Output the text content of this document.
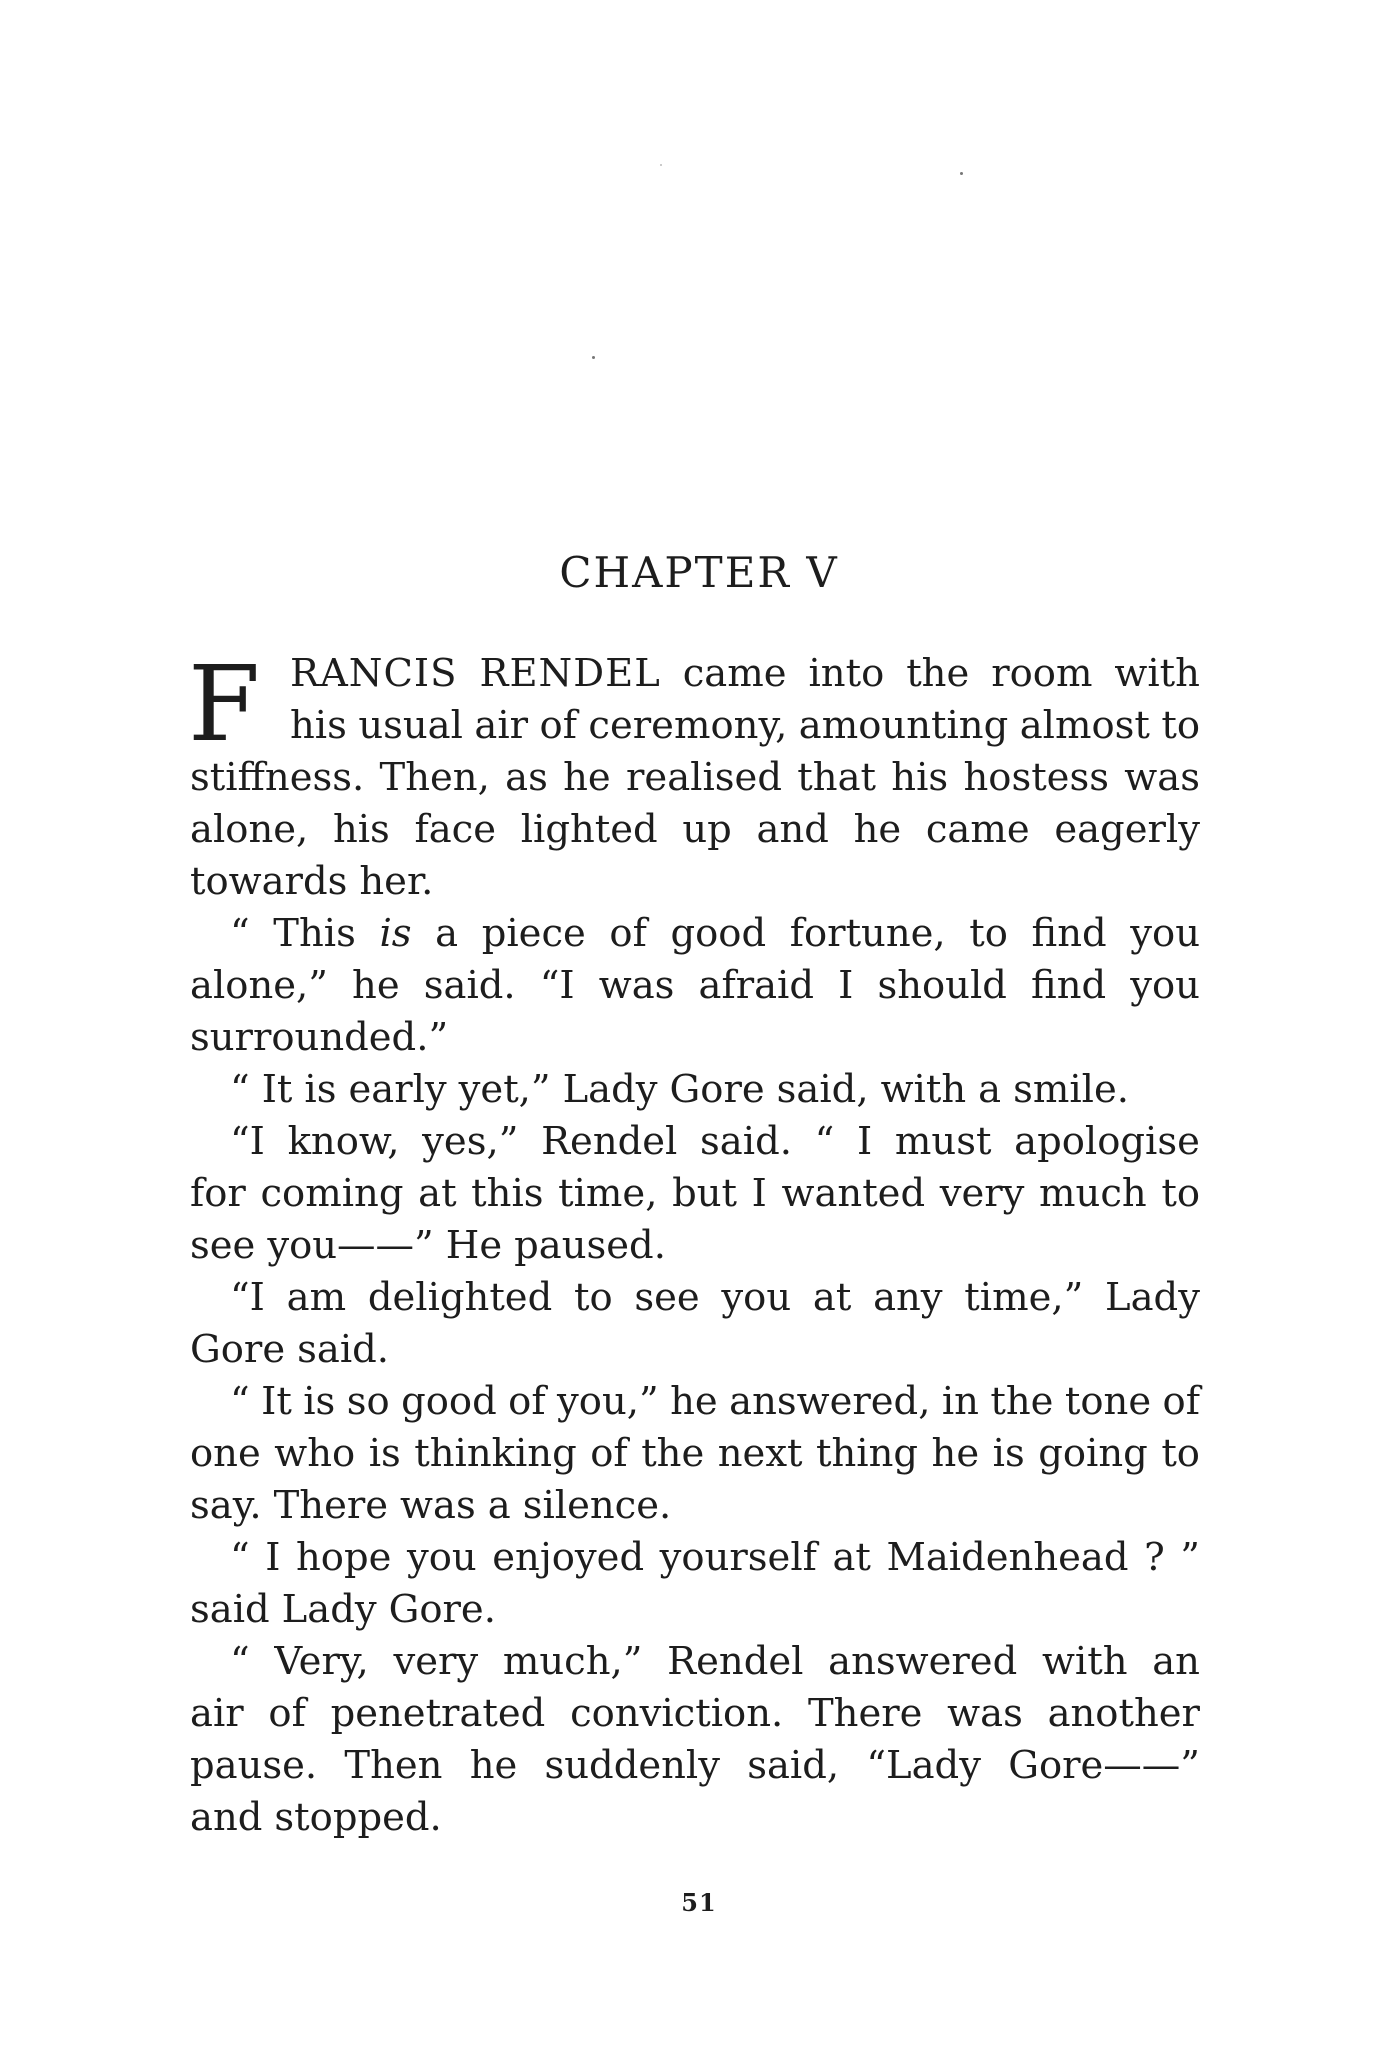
CHAPTER V
F RANCIS RENDEL came into the room with
his usual air of ceremony, amounting almost to
stiffness. Then, as he realised that his hostess was
alone, his face lighted up and he came eagerly
towards her.
“ This is a piece of good fortune, to find you
alone,” he said. “I was afraid I should find you
surrounded.”
“ It is early yet,” Lady Gore said, with a smile.
“I know, yes,” Rendel said. “ I must apologise
for coming at this time, but I wanted very much to
see you——” He paused.
“I am delighted to see you at any time,” Lady
Gore said.
“ It is so good of you,” he answered, in the tone of
one who is thinking of the next thing he is going to
say. There was a silence.
“ I hope you enjoyed yourself at Maidenhead ? ”
said Lady Gore.
“ Very, very much,” Rendel answered with an
air of penetrated conviction. There was another
pause. Then he suddenly said, “Lady Gore——”
and stopped.
51
